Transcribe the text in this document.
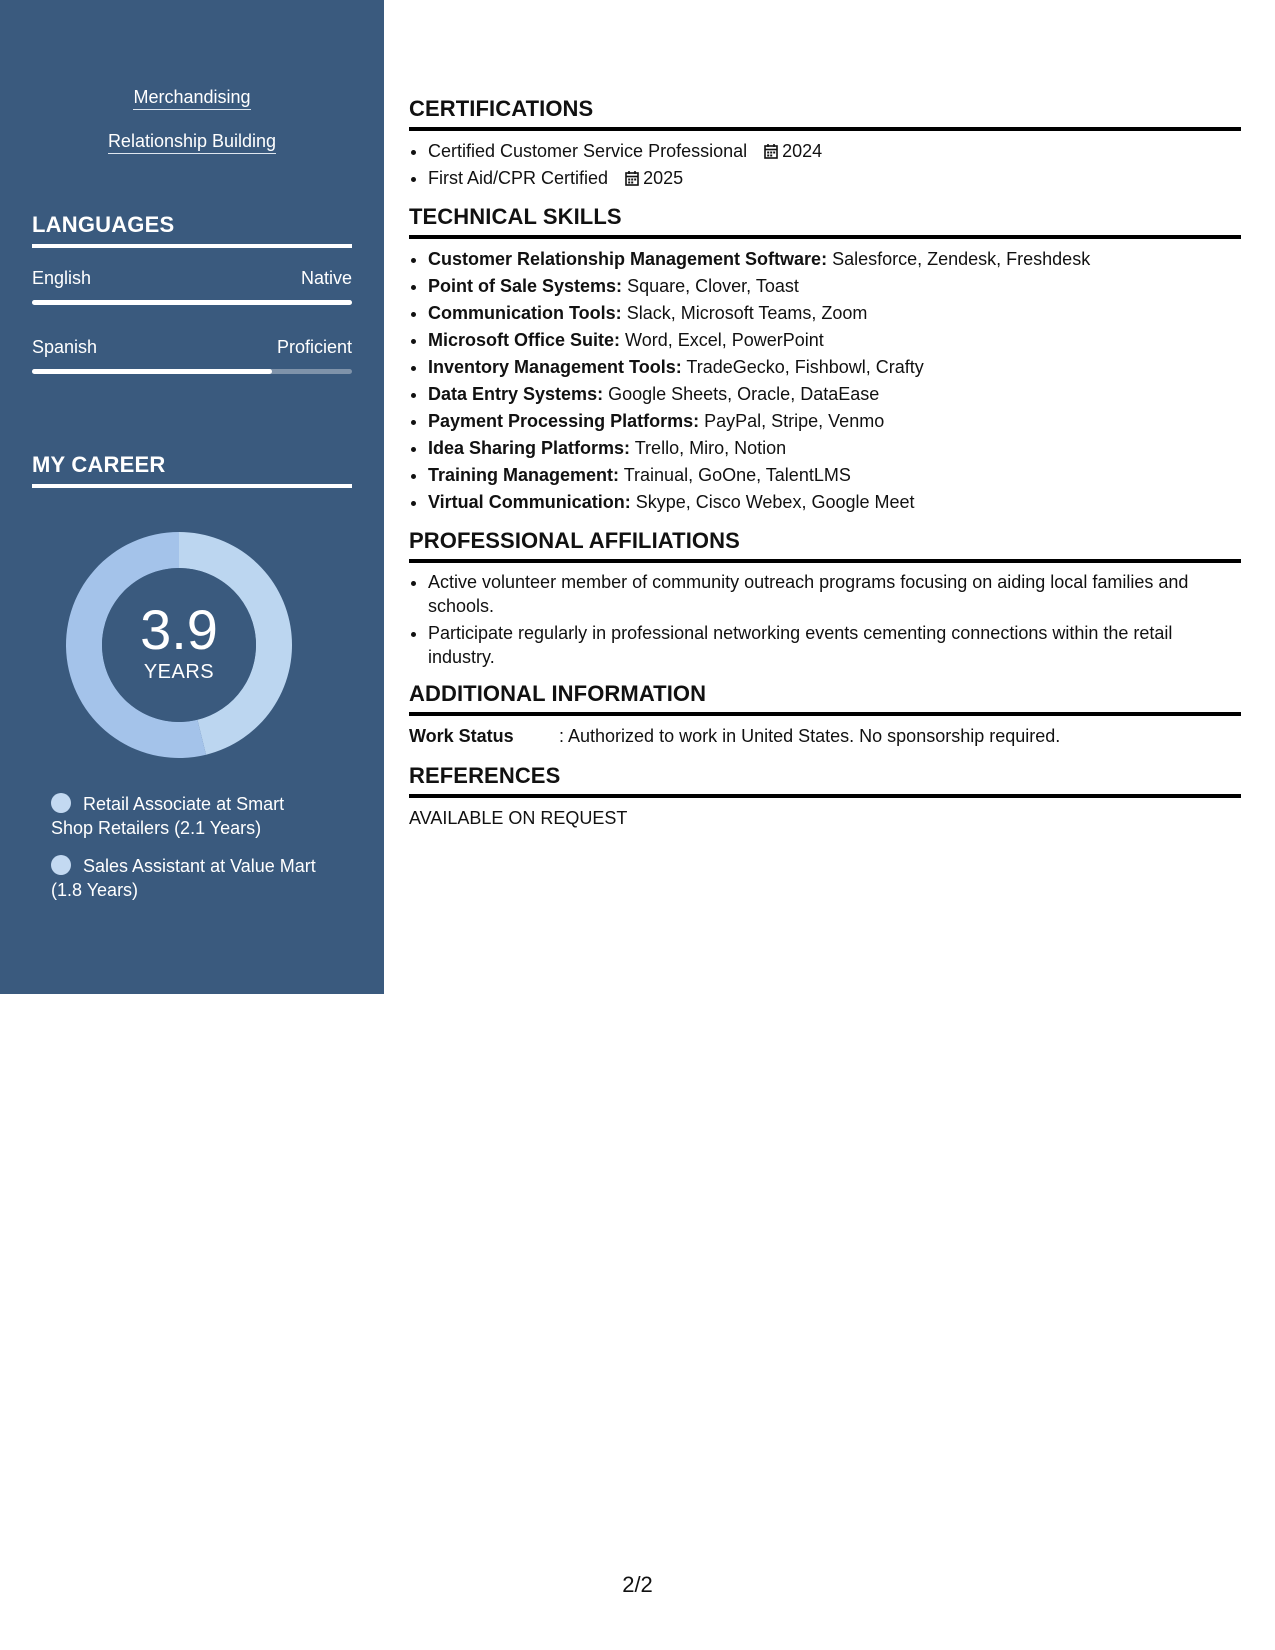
Merchandising
Relationship Building
LANGUAGES
English	Native
Spanish	Proficient
MY CAREER
3.9
YEARS
Retail Associate at Smart Shop Retailers (2.1 Years)
Sales Assistant at Value Mart (1.8 Years)
CERTIFICATIONS
• Certified Customer Service Professional 2024
• First Aid/CPR Certified 2025
TECHNICAL SKILLS
• Customer Relationship Management Software: Salesforce, Zendesk, Freshdesk
• Point of Sale Systems: Square, Clover, Toast
• Communication Tools: Slack, Microsoft Teams, Zoom
• Microsoft Office Suite: Word, Excel, PowerPoint
• Inventory Management Tools: TradeGecko, Fishbowl, Crafty
• Data Entry Systems: Google Sheets, Oracle, DataEase
• Payment Processing Platforms: PayPal, Stripe, Venmo
• Idea Sharing Platforms: Trello, Miro, Notion
• Training Management: Trainual, GoOne, TalentLMS
• Virtual Communication: Skype, Cisco Webex, Google Meet
PROFESSIONAL AFFILIATIONS
• Active volunteer member of community outreach programs focusing on aiding local families and schools.
• Participate regularly in professional networking events cementing connections within the retail industry.
ADDITIONAL INFORMATION
Work Status	: Authorized to work in United States. No sponsorship required.
REFERENCES
AVAILABLE ON REQUEST
2/2
